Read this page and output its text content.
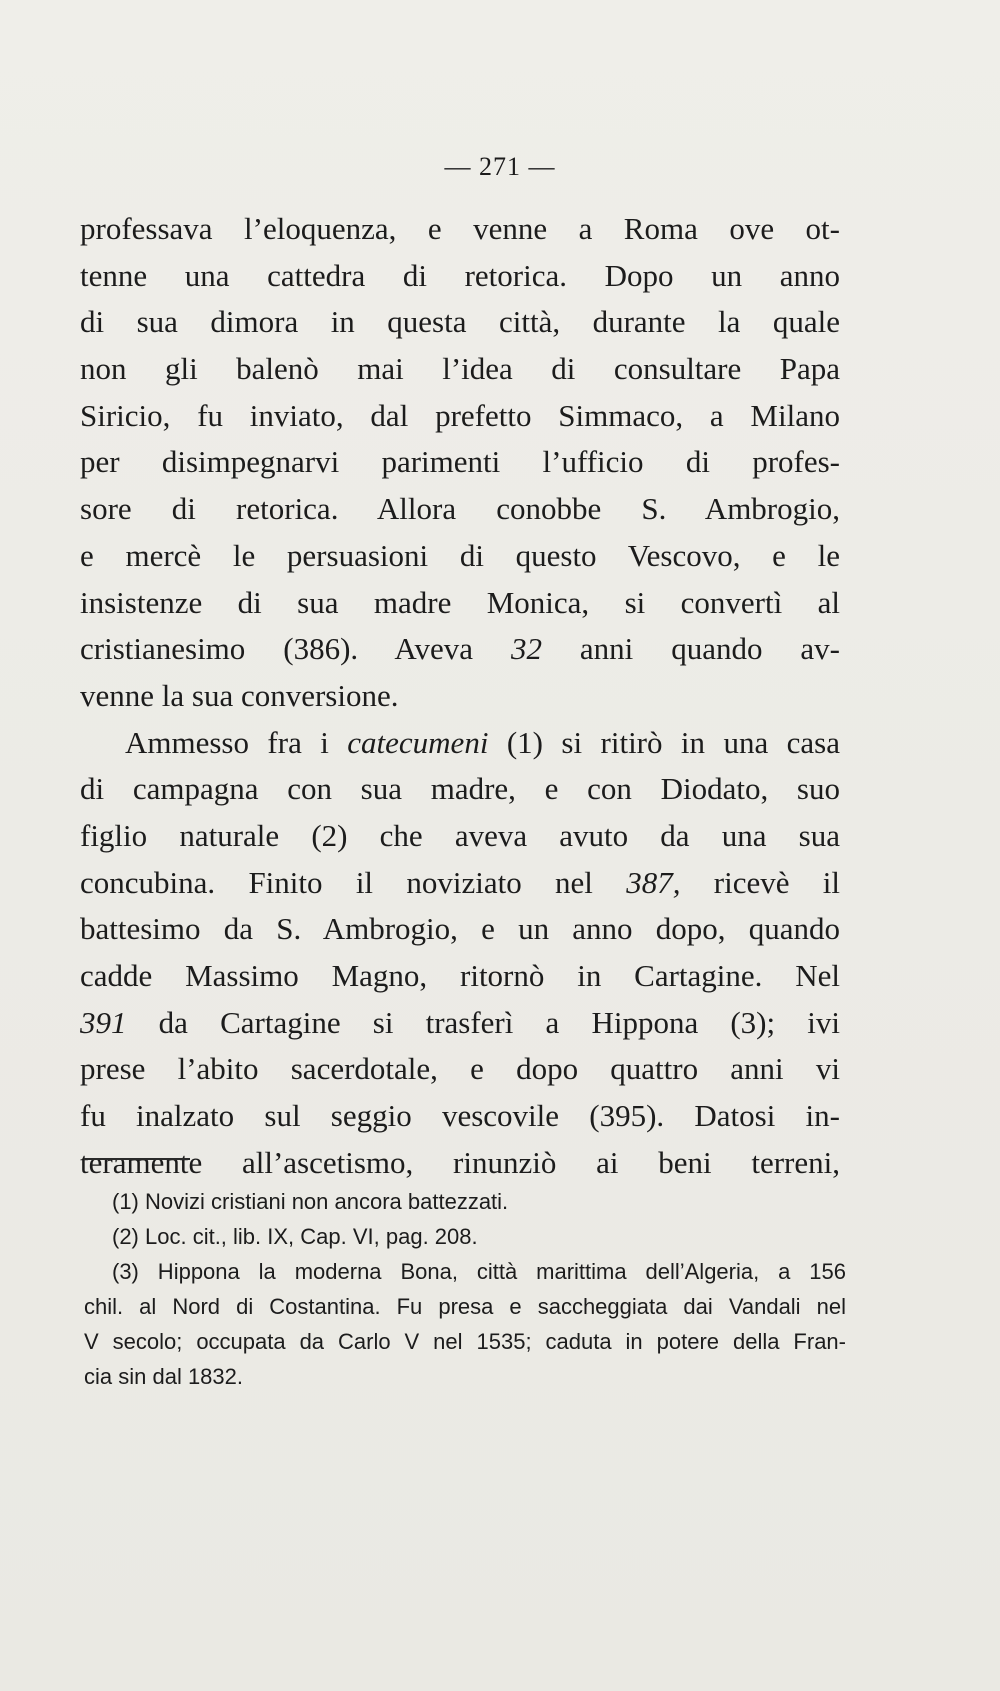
— 271 —
professava l’eloquenza, e venne a Roma ove ot-
tenne una cattedra di retorica. Dopo un anno
di sua dimora in questa città, durante la quale
non gli balenò mai l’idea di consultare Papa
Siricio, fu inviato, dal prefetto Simmaco, a Milano
per disimpegnarvi parimenti l’ufficio di profes-
sore di retorica. Allora conobbe S. Ambrogio,
e mercè le persuasioni di questo Vescovo, e le
insistenze di sua madre Monica, si convertì al
cristianesimo (386). Aveva 32 anni quando av-
venne la sua conversione.
Ammesso fra i catecumeni (1) si ritirò in una casa
di campagna con sua madre, e con Diodato, suo
figlio naturale (2) che aveva avuto da una sua
concubina. Finito il noviziato nel 387, ricevè il
battesimo da S. Ambrogio, e un anno dopo, quando
cadde Massimo Magno, ritornò in Cartagine. Nel
391 da Cartagine si trasferì a Hippona (3); ivi
prese l’abito sacerdotale, e dopo quattro anni vi
fu inalzato sul seggio vescovile (395). Datosi in-
teramente all’ascetismo, rinunziò ai beni terreni,
(1) Novizi cristiani non ancora battezzati.
(2) Loc. cit., lib. IX, Cap. VI, pag. 208.
(3) Hippona la moderna Bona, città marittima dell’Algeria, a 156
chil. al Nord di Costantina. Fu presa e saccheggiata dai Vandali nel
V secolo; occupata da Carlo V nel 1535; caduta in potere della Fran-
cia sin dal 1832.
